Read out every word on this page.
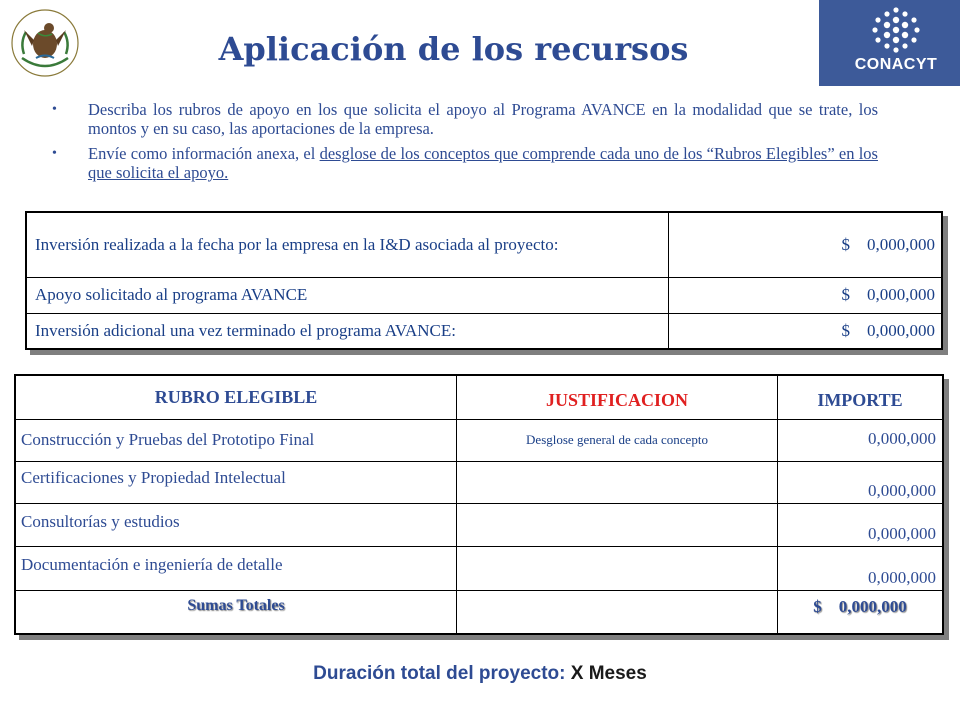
Aplicación de los recursos	CONACYT
• Describa los rubros de apoyo en los que solicita el apoyo al Programa AVANCE en la modalidad que se trate, los montos y en su caso, las aportaciones de la empresa.
• Envíe como información anexa, el desglose de los conceptos que comprende cada uno de los “Rubros Elegibles” en los que solicita el apoyo.
Inversión realizada a la fecha por la empresa en la I&D asociada al proyecto:	$ 0,000,000
Apoyo solicitado al programa AVANCE	$ 0,000,000
Inversión adicional una vez terminado el programa AVANCE:	$ 0,000,000
RUBRO ELEGIBLE	JUSTIFICACION	IMPORTE
Construcción y Pruebas del Prototipo Final	Desglose general de cada concepto	0,000,000
Certificaciones y Propiedad Intelectual		0,000,000
Consultorías y estudios		0,000,000
Documentación e ingeniería de detalle		0,000,000
Sumas Totales		$ 0,000,000
Duración total del proyecto: X Meses
